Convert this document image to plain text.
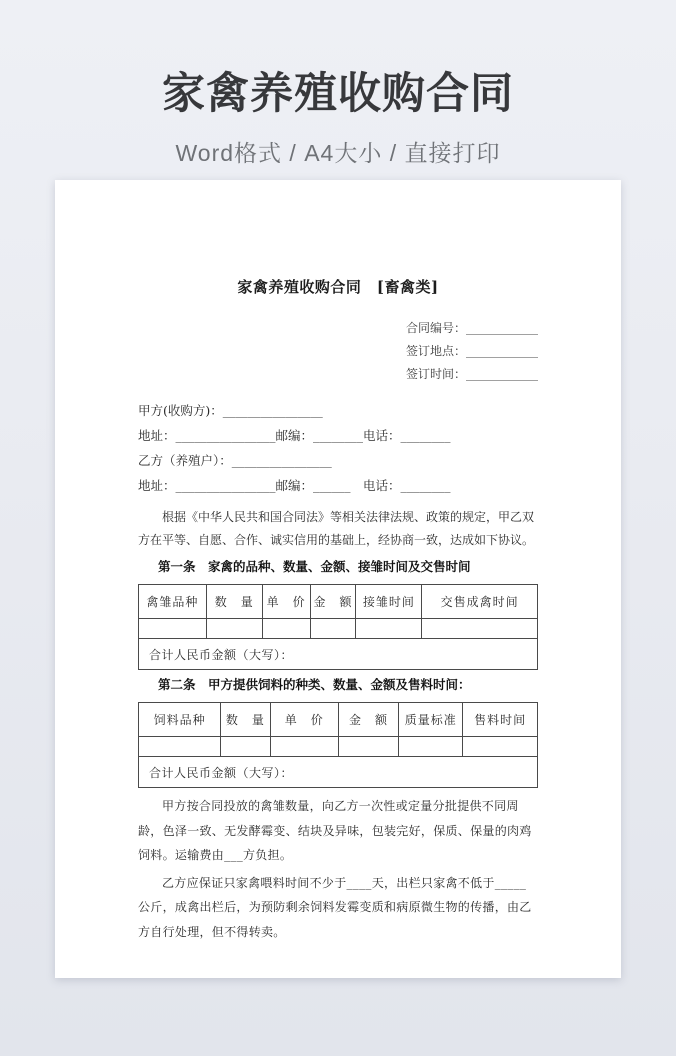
家禽养殖收购合同
Word格式 / A4大小 / 直接打印
家禽养殖收购合同　[畜禽类]
合同编号：____________
签订地点：____________
签订时间：____________
甲方(收购方)：________________
地址：________________邮编：________电话：________
乙方（养殖户）：________________
地址：________________邮编：______　电话：________
根据《中华人民共和国合同法》等相关法律法规、政策的规定，甲乙双方在平等、自愿、合作、诚实信用的基础上，经协商一致，达成如下协议。
第一条　家禽的品种、数量、金额、接雏时间及交售时间
禽雏品种	数　量	单　价	金　额	接雏时间	交售成禽时间

合计人民币金额（大写）：					
第二条　甲方提供饲料的种类、数量、金额及售料时间：
饲料品种	数　量	单　价	金　额	质量标准	售料时间

合计人民币金额（大写）：					
甲方按合同投放的禽雏数量，向乙方一次性或定量分批提供不同周龄，色泽一致、无发酵霉变、结块及异味，包装完好，保质、保量的肉鸡饲料。运输费由___方负担。
乙方应保证只家禽喂料时间不少于____天，出栏只家禽不低于_____公斤，成禽出栏后，为预防剩余饲料发霉变质和病原微生物的传播，由乙方自行处理，但不得转卖。
